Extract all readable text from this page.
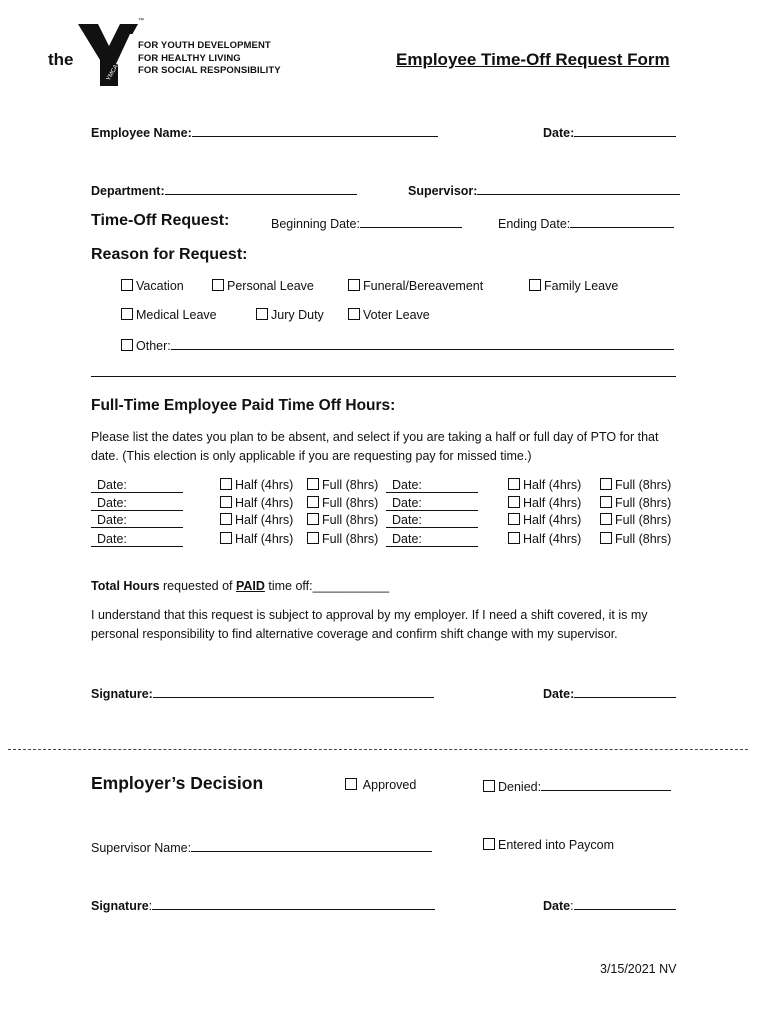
the
YMCA
™
FOR YOUTH DEVELOPMENT
FOR HEALTHY LIVING
FOR SOCIAL RESPONSIBILITY
Employee Time-Off Request Form
Employee Name:	Date:
Department:	Supervisor:
Time-Off Request:	Beginning Date:	Ending Date:
Reason for Request:
Vacation	Personal Leave	Funeral/Bereavement	Family Leave
Medical Leave	Jury Duty	Voter Leave
Other:
Full-Time Employee Paid Time Off Hours:
Please list the dates you plan to be absent, and select if you are taking a half or full day of PTO for that
date. (This election is only applicable if you are requesting pay for missed time.)
Date:	Half (4hrs)	Full (8hrs)	Date:	Half (4hrs)	Full (8hrs)
Date:	Half (4hrs)	Full (8hrs)	Date:	Half (4hrs)	Full (8hrs)
Date:	Half (4hrs)	Full (8hrs)	Date:	Half (4hrs)	Full (8hrs)
Date:	Half (4hrs)	Full (8hrs)	Date:	Half (4hrs)	Full (8hrs)
Total Hours requested of PAID time off:___________
I understand that this request is subject to approval by my employer. If I need a shift covered, it is my
personal responsibility to find alternative coverage and confirm shift change with my supervisor.
Signature:	Date:
Employer’s Decision	Approved	Denied:
Supervisor Name:	Entered into Paycom
Signature:	Date:
3/15/2021 NV
